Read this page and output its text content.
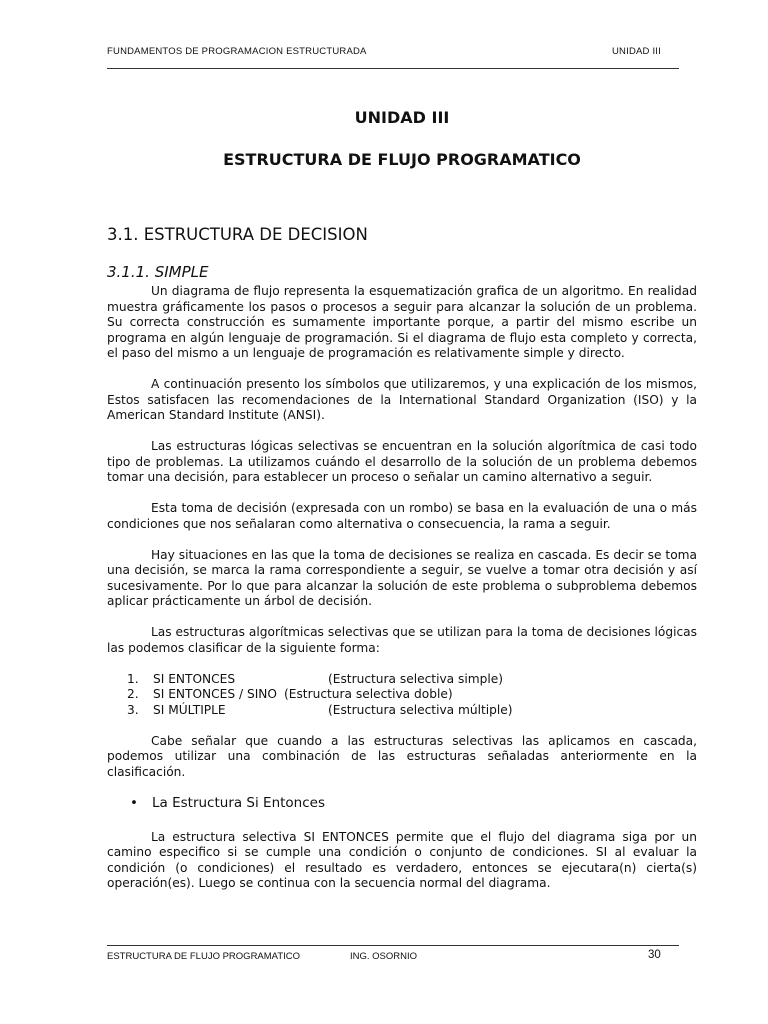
FUNDAMENTOS DE PROGRAMACION ESTRUCTURADA	UNIDAD III
UNIDAD III
ESTRUCTURA DE FLUJO PROGRAMATICO
3.1. ESTRUCTURA DE DECISION
3.1.1. SIMPLE

Un diagrama de flujo representa la esquematización grafica de un algoritmo. En realidad muestra gráficamente los pasos o procesos a seguir para alcanzar la solución de un problema. Su correcta construcción es sumamente importante porque, a partir del mismo escribe un programa en algún lenguaje de programación. Si el diagrama de flujo esta completo y correcta, el paso del mismo a un lenguaje de programación es relativamente simple y directo.

A continuación presento los símbolos que utilizaremos, y una explicación de los mismos, Estos satisfacen las recomendaciones de la International Standard Organization (ISO) y la American Standard Institute (ANSI).

Las estructuras lógicas selectivas se encuentran en la solución algorítmica de casi todo tipo de problemas. La utilizamos cuándo el desarrollo de la solución de un problema debemos tomar una decisión, para establecer un proceso o señalar un camino alternativo a seguir.

Esta toma de decisión (expresada con un rombo) se basa en la evaluación de una o más condiciones que nos señalaran como alternativa o consecuencia, la rama a seguir.

Hay situaciones en las que la toma de decisiones se realiza en cascada. Es decir se toma una decisión, se marca la rama correspondiente a seguir, se vuelve a tomar otra decisión y así sucesivamente. Por lo que para alcanzar la solución de este problema o subproblema debemos aplicar prácticamente un árbol de decisión.

Las estructuras algorítmicas selectivas que se utilizan para la toma de decisiones lógicas las podemos clasificar de la siguiente forma:

1. SI ENTONCES	(Estructura selectiva simple)
2. SI ENTONCES / SINO (Estructura selectiva doble)
3. SI MÚLTIPLE	(Estructura selectiva múltiple)

Cabe señalar que cuando a las estructuras selectivas las aplicamos en cascada, podemos utilizar una combinación de las estructuras señaladas anteriormente en la clasificación.

• La Estructura Si Entonces

La estructura selectiva SI ENTONCES permite que el flujo del diagrama siga por un camino especifico si se cumple una condición o conjunto de condiciones. SI al evaluar la condición (o condiciones) el resultado es verdadero, entonces se ejecutara(n) cierta(s) operación(es). Luego se continua con la secuencia normal del diagrama.

ESTRUCTURA DE FLUJO PROGRAMATICO	ING. OSORNIO	30
